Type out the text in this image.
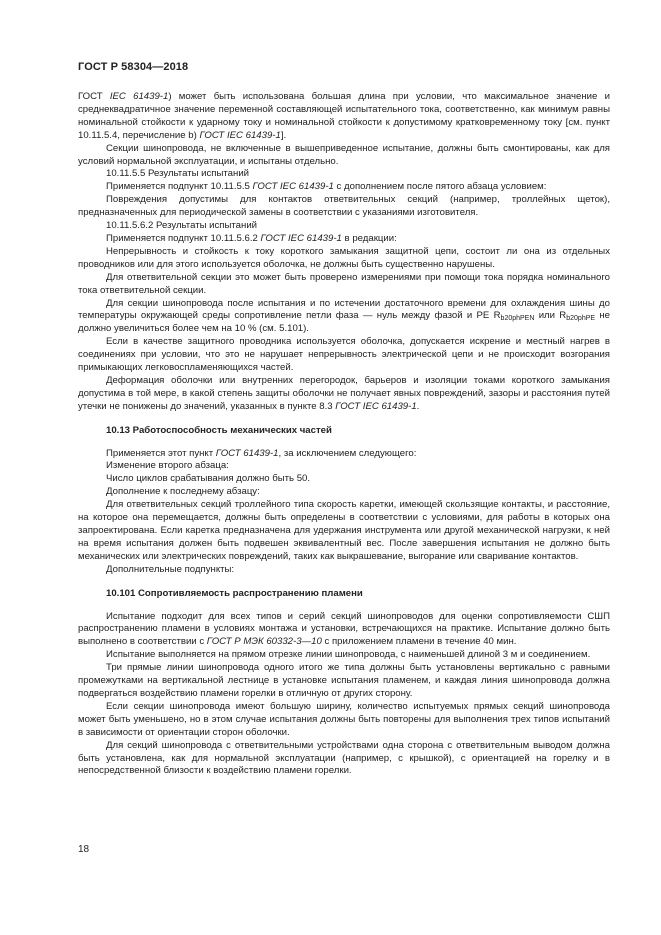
ГОСТ Р 58304—2018

ГОСТ IEC 61439-1) может быть использована большая длина при условии, что максимальное значение и среднеквадратичное значение переменной составляющей испытательного тока, соответственно, как минимум равны номинальной стойкости к ударному току и номинальной стойкости к допустимому кратковременному току [см. пункт 10.11.5.4, перечисление b) ГОСТ IEC 61439-1].

Секции шинопровода, не включенные в вышеприведенное испытание, должны быть смонтированы, как для условий нормальной эксплуатации, и испытаны отдельно.

10.11.5.5 Результаты испытаний

Применяется подпункт 10.11.5.5 ГОСТ IEC 61439-1 с дополнением после пятого абзаца условием:

Повреждения допустимы для контактов ответвительных секций (например, троллейных щеток), предназначенных для периодической замены в соответствии с указаниями изготовителя.

10.11.5.6.2 Результаты испытаний

Применяется подпункт 10.11.5.6.2 ГОСТ IEC 61439-1 в редакции:

Непрерывность и стойкость к току короткого замыкания защитной цепи, состоит ли она из отдельных проводников или для этого используется оболочка, не должны быть существенно нарушены.

Для ответвительной секции это может быть проверено измерениями при помощи тока порядка номинального тока ответвительной секции.

Для секции шинопровода после испытания и по истечении достаточного времени для охлаждения шины до температуры окружающей среды сопротивление петли фаза — нуль между фазой и PE $R_{b20phPEN}$ или $R_{b20phPE}$ не должно увеличиться более чем на 10 % (см. 5.101).

Если в качестве защитного проводника используется оболочка, допускается искрение и местный нагрев в соединениях при условии, что это не нарушает непрерывность электрической цепи и не происходит возгорания примыкающих легковоспламеняющихся частей.

Деформация оболочки или внутренних перегородок, барьеров и изоляции токами короткого замыкания допустима в той мере, в какой степень защиты оболочки не получает явных повреждений, зазоры и расстояния путей утечки не понижены до значений, указанных в пункте 8.3 ГОСТ IEC 61439-1.

10.13 Работоспособность механических частей

Применяется этот пункт ГОСТ 61439-1, за исключением следующего:

Изменение второго абзаца:

Число циклов срабатывания должно быть 50.

Дополнение к последнему абзацу:

Для ответвительных секций троллейного типа скорость каретки, имеющей скользящие контакты, и расстояние, на которое она перемещается, должны быть определены в соответствии с условиями, для работы в которых она запроектирована. Если каретка предназначена для удержания инструмента или другой механической нагрузки, к ней на время испытания должен быть подвешен эквивалентный вес. После завершения испытания не должно быть механических или электрических повреждений, таких как выкрашевание, выгорание или сваривание контактов.

Дополнительные подпункты:

10.101 Сопротивляемость распространению пламени

Испытание подходит для всех типов и серий секций шинопроводов для оценки сопротивляемости СШП распространению пламени в условиях монтажа и установки, встречающихся на практике. Испытание должно быть выполнено в соответствии с ГОСТ Р МЭК 60332-3—10 с приложением пламени в течение 40 мин.

Испытание выполняется на прямом отрезке линии шинопровода, с наименьшей длиной 3 м и соединением.

Три прямые линии шинопровода одного итого же типа должны быть установлены вертикально с равными промежутками на вертикальной лестнице в установке испытания пламенем, и каждая линия шинопровода должна подвергаться воздействию пламени горелки в отличную от других сторону.

Если секции шинопровода имеют большую ширину, количество испытуемых прямых секций шинопровода может быть уменьшено, но в этом случае испытания должны быть повторены для выполнения трех типов испытаний в зависимости от ориентации сторон оболочки.

Для секций шинопровода с ответвительными устройствами одна сторона с ответвительным выводом должна быть установлена, как для нормальной эксплуатации (например, с крышкой), с ориентацией на горелку и в непосредственной близости к воздействию пламени горелки.

18
